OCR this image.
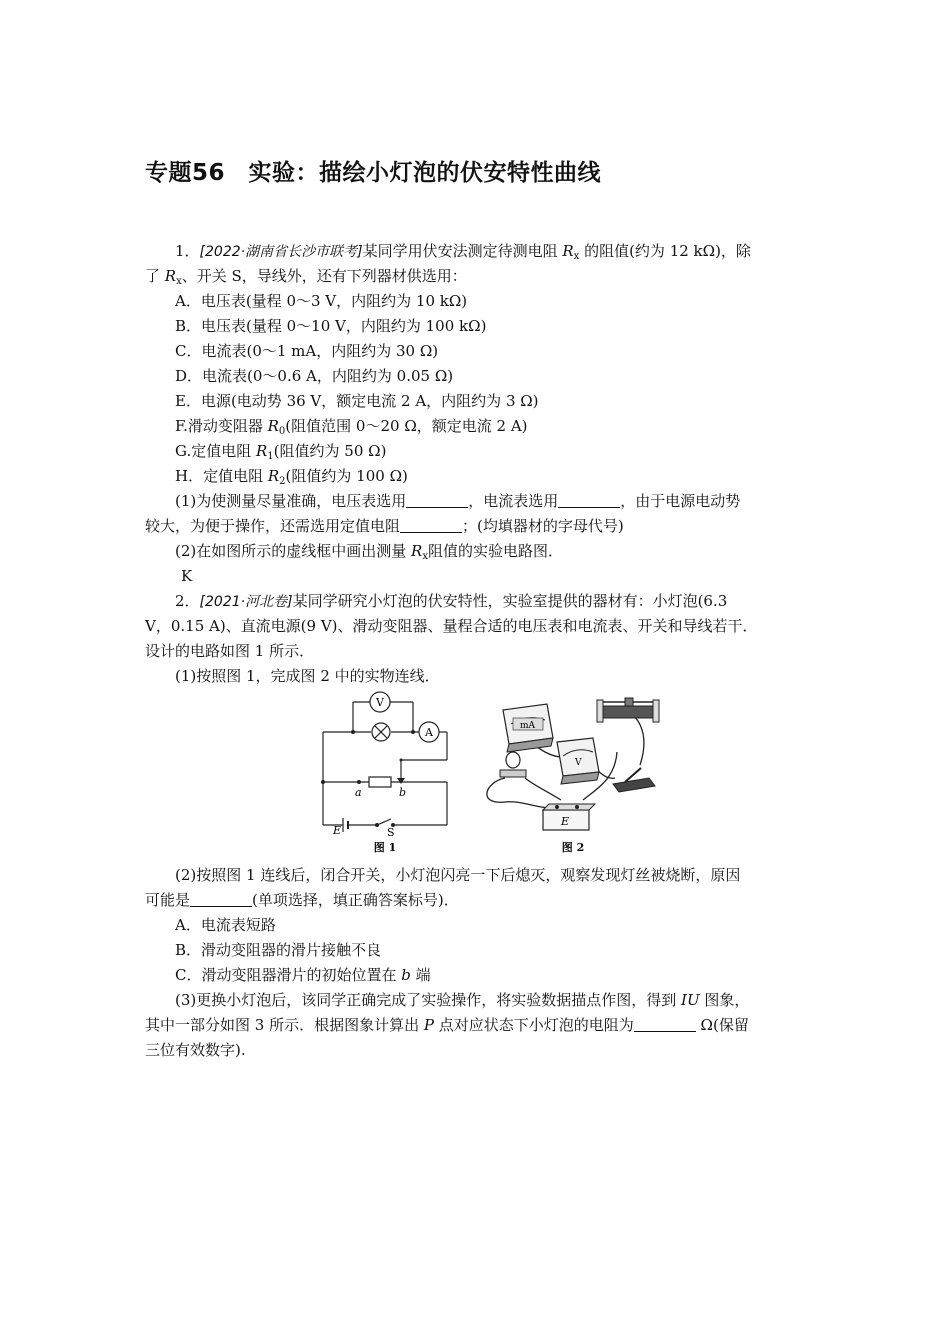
专题56　实验：描绘小灯泡的伏安特性曲线
1．[2022·湖南省长沙市联考]某同学用伏安法测定待测电阻 $R_x$ 的阻值(约为 12 kΩ)，除
了 $R_x$、开关 S，导线外，还有下列器材供选用：
A．电压表(量程 0～3 V，内阻约为 10 kΩ)
B．电压表(量程 0～10 V，内阻约为 100 kΩ)
C．电流表(0～1 mA，内阻约为 30 Ω)
D．电流表(0～0.6 A，内阻约为 0.05 Ω)
E．电源(电动势 36 V，额定电流 2 A，内阻约为 3 Ω)
F.滑动变阻器 $R_0$(阻值范围 0～20 Ω，额定电流 2 A)
G.定值电阻 $R_1$(阻值约为 50 Ω)
H．定值电阻 $R_2$(阻值约为 100 Ω)
(1)为使测量尽量准确，电压表选用	，电流表选用	，由于电源电动势
较大，为便于操作，还需选用定值电阻	；(均填器材的字母代号)
(2)在如图所示的虚线框中画出测量 $R_x$阻值的实验电路图．
K
2．[2021·河北卷]某同学研究小灯泡的伏安特性，实验室提供的器材有：小灯泡(6.3
V，0.15 A)、直流电源(9 V)、滑动变阻器、量程合适的电压表和电流表、开关和导线若干．
设计的电路如图 1 所示．
(1)按照图 1，完成图 2 中的实物连线．
V
A
a	b
E	S
图 1
mA
V
E
图 2
(2)按照图 1 连线后，闭合开关，小灯泡闪亮一下后熄灭，观察发现灯丝被烧断，原因
可能是	(单项选择，填正确答案标号)．
A．电流表短路
B．滑动变阻器的滑片接触不良
C．滑动变阻器滑片的初始位置在 b 端
(3)更换小灯泡后，该同学正确完成了实验操作，将实验数据描点作图，得到 IU 图象，
其中一部分如图 3 所示．根据图象计算出 P 点对应状态下小灯泡的电阻为	Ω(保留
三位有效数字).
